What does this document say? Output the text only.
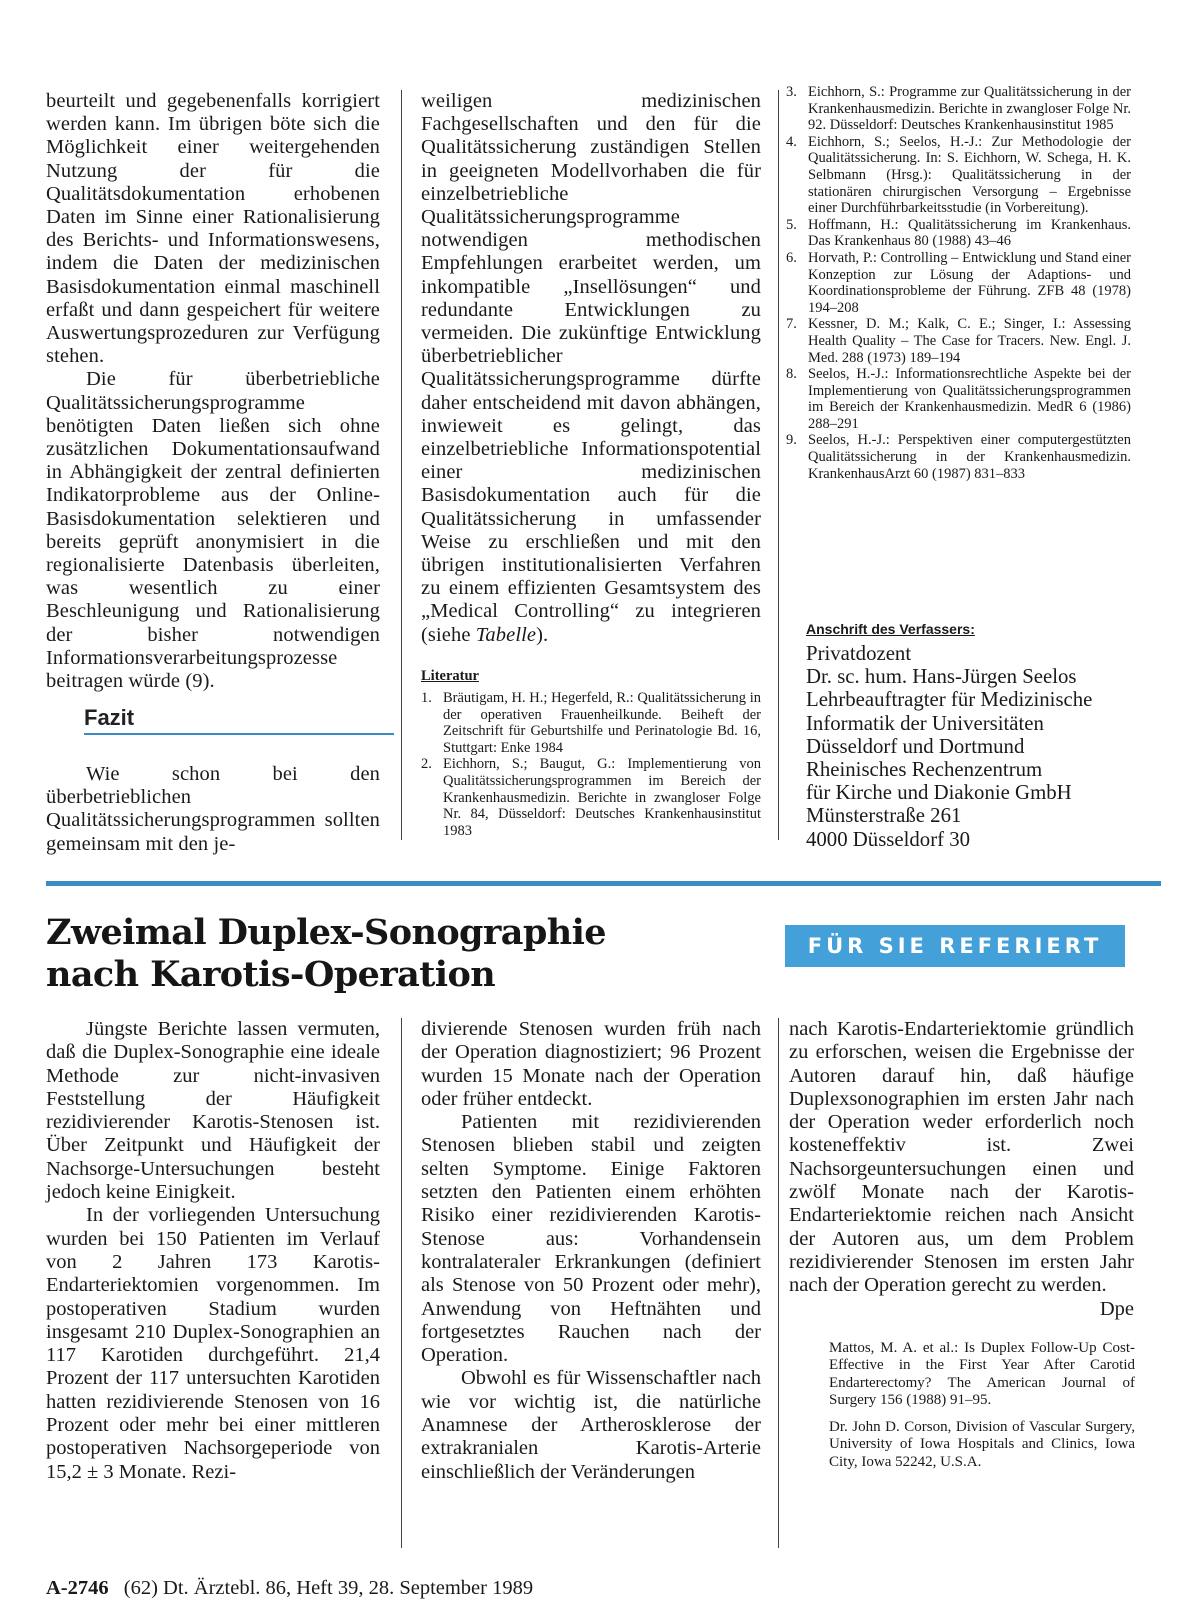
beurteilt und gegebenenfalls korrigiert werden kann. Im übrigen böte sich die Möglichkeit einer weitergehenden Nutzung der für die Qualitätsdokumentation erhobenen Daten im Sinne einer Rationalisierung des Berichts- und Informationswesens, indem die Daten der medizinischen Basisdokumentation einmal maschinell erfaßt und dann gespeichert für weitere Auswertungsprozeduren zur Verfügung stehen.

Die für überbetriebliche Qualitätssicherungsprogramme benötigten Daten ließen sich ohne zusätzlichen Dokumentationsaufwand in Abhängigkeit der zentral definierten Indikatorprobleme aus der Online-Basisdokumentation selektieren und bereits geprüft anonymisiert in die regionalisierte Datenbasis überleiten, was wesentlich zu einer Beschleunigung und Rationalisierung der bisher notwendigen Informationsverarbeitungsprozesse beitragen würde (9).

Fazit

Wie schon bei den überbetrieblichen Qualitätssicherungsprogrammen sollten gemeinsam mit den je-

weiligen medizinischen Fachgesellschaften und den für die Qualitätssicherung zuständigen Stellen in geeigneten Modellvorhaben die für einzelbetriebliche Qualitätssicherungsprogramme notwendigen methodischen Empfehlungen erarbeitet werden, um inkompatible „Insellösungen“ und redundante Entwicklungen zu vermeiden. Die zukünftige Entwicklung überbetrieblicher Qualitätssicherungsprogramme dürfte daher entscheidend mit davon abhängen, inwieweit es gelingt, das einzelbetriebliche Informationspotential einer medizinischen Basisdokumentation auch für die Qualitätssicherung in umfassender Weise zu erschließen und mit den übrigen institutionalisierten Verfahren zu einem effizienten Gesamtsystem des „Medical Controlling“ zu integrieren (siehe Tabelle).

Literatur
1. Bräutigam, H. H.; Hegerfeld, R.: Qualitätssicherung in der operativen Frauenheilkunde. Beiheft der Zeitschrift für Geburtshilfe und Perinatologie Bd. 16, Stuttgart: Enke 1984
2. Eichhorn, S.; Baugut, G.: Implementierung von Qualitätssicherungsprogrammen im Bereich der Krankenhausmedizin. Berichte in zwangloser Folge Nr. 84, Düsseldorf: Deutsches Krankenhausinstitut 1983
3. Eichhorn, S.: Programme zur Qualitätssicherung in der Krankenhausmedizin. Berichte in zwangloser Folge Nr. 92. Düsseldorf: Deutsches Krankenhausinstitut 1985
4. Eichhorn, S.; Seelos, H.-J.: Zur Methodologie der Qualitätssicherung. In: S. Eichhorn, W. Schega, H. K. Selbmann (Hrsg.): Qualitätssicherung in der stationären chirurgischen Versorgung – Ergebnisse einer Durchführbarkeitsstudie (in Vorbereitung).
5. Hoffmann, H.: Qualitätssicherung im Krankenhaus. Das Krankenhaus 80 (1988) 43–46
6. Horvath, P.: Controlling – Entwicklung und Stand einer Konzeption zur Lösung der Adaptions- und Koordinationsprobleme der Führung. ZFB 48 (1978) 194–208
7. Kessner, D. M.; Kalk, C. E.; Singer, I.: Assessing Health Quality – The Case for Tracers. New. Engl. J. Med. 288 (1973) 189–194
8. Seelos, H.-J.: Informationsrechtliche Aspekte bei der Implementierung von Qualitätssicherungsprogrammen im Bereich der Krankenhausmedizin. MedR 6 (1986) 288–291
9. Seelos, H.-J.: Perspektiven einer computergestützten Qualitätssicherung in der Krankenhausmedizin. KrankenhausArzt 60 (1987) 831–833
Anschrift des Verfassers:
Privatdozent
Dr. sc. hum. Hans-Jürgen Seelos
Lehrbeauftragter für Medizinische
Informatik der Universitäten
Düsseldorf und Dortmund
Rheinisches Rechenzentrum
für Kirche und Diakonie GmbH
Münsterstraße 261
4000 Düsseldorf 30
Zweimal Duplex-Sonographie
nach Karotis-Operation
FÜR SIE REFERIERT

Jüngste Berichte lassen vermuten, daß die Duplex-Sonographie eine ideale Methode zur nicht-invasiven Feststellung der Häufigkeit rezidivierender Karotis-Stenosen ist. Über Zeitpunkt und Häufigkeit der Nachsorge-Untersuchungen besteht jedoch keine Einigkeit.

In der vorliegenden Untersuchung wurden bei 150 Patienten im Verlauf von 2 Jahren 173 Karotis-Endarteriektomien vorgenommen. Im postoperativen Stadium wurden insgesamt 210 Duplex-Sonographien an 117 Karotiden durchgeführt. 21,4 Prozent der 117 untersuchten Karotiden hatten rezidivierende Stenosen von 16 Prozent oder mehr bei einer mittleren postoperativen Nachsorgeperiode von 15,2 ± 3 Monate. Rezi-

divierende Stenosen wurden früh nach der Operation diagnostiziert; 96 Prozent wurden 15 Monate nach der Operation oder früher entdeckt.

Patienten mit rezidivierenden Stenosen blieben stabil und zeigten selten Symptome. Einige Faktoren setzten den Patienten einem erhöhten Risiko einer rezidivierenden Karotis-Stenose aus: Vorhandensein kontralateraler Erkrankungen (definiert als Stenose von 50 Prozent oder mehr), Anwendung von Heftnähten und fortgesetztes Rauchen nach der Operation.

Obwohl es für Wissenschaftler nach wie vor wichtig ist, die natürliche Anamnese der Artherosklerose der extrakranialen Karotis-Arterie einschließlich der Veränderungen

nach Karotis-Endarteriektomie gründlich zu erforschen, weisen die Ergebnisse der Autoren darauf hin, daß häufige Duplexsonographien im ersten Jahr nach der Operation weder erforderlich noch kosteneffektiv ist. Zwei Nachsorgeuntersuchungen einen und zwölf Monate nach der Karotis-Endarteriektomie reichen nach Ansicht der Autoren aus, um dem Problem rezidivierender Stenosen im ersten Jahr nach der Operation gerecht zu werden.
Dpe

Mattos, M. A. et al.: Is Duplex Follow-Up Cost-Effective in the First Year After Carotid Endarterectomy? The American Journal of Surgery 156 (1988) 91–95.
Dr. John D. Corson, Division of Vascular Surgery, University of Iowa Hospitals and Clinics, Iowa City, Iowa 52242, U.S.A.
A-2746 (62) Dt. Ärztebl. 86, Heft 39, 28. September 1989
